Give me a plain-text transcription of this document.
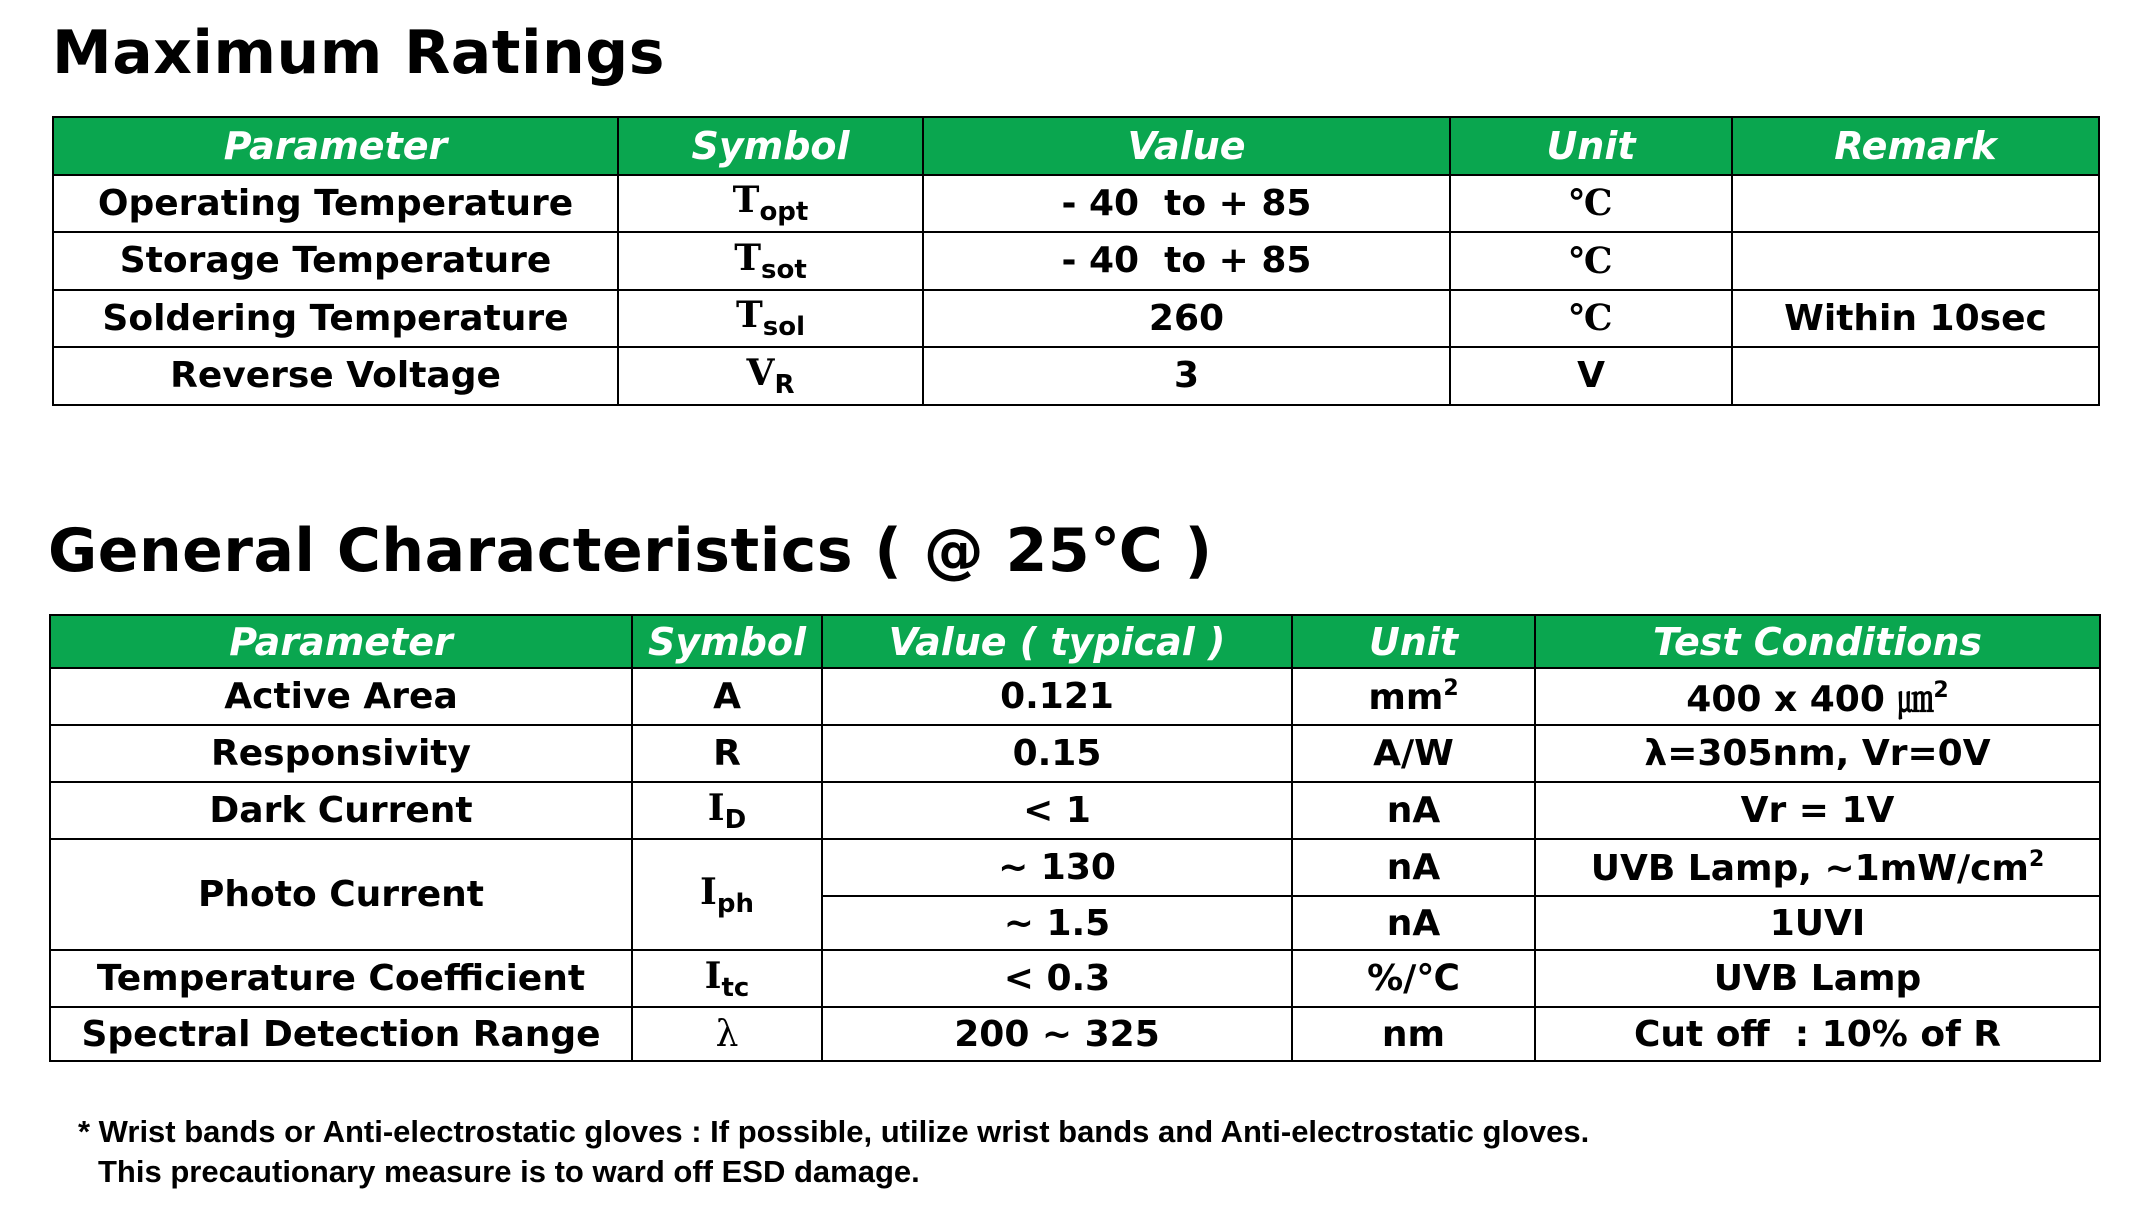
Maximum Ratings
Parameter	Symbol	Value	Unit	Remark
Operating Temperature	$T_{opt}$	- 40  to + 85	℃	
Storage Temperature	$T_{sot}$	- 40  to + 85	℃	
Soldering Temperature	$T_{sol}$	260	℃	Within 10sec
Reverse Voltage	$V_R$	3	V	
General Characteristics ( @ 25℃ )
Parameter	Symbol	Value ( typical )	Unit	Test Conditions
Active Area	A	0.121	$mm^2$	400 x 400 ㎛$^2$
Responsivity	R	0.15	A/W	λ=305nm, Vr=0V
Dark Current	$I_D$	< 1	nA	Vr = 1V
Photo Current	$I_{ph}$	~ 130	nA	UVB Lamp, $\sim 1mW/cm^2$
		~ 1.5	nA	1UVI
Temperature Coefficient	$I_{tc}$	< 0.3	%/℃	UVB Lamp
Spectral Detection Range	λ	200 ~ 325	nm	Cut off  : 10% of R
* Wrist bands or Anti-electrostatic gloves : If possible, utilize wrist bands and Anti-electrostatic gloves.
This precautionary measure is to ward off ESD damage.
